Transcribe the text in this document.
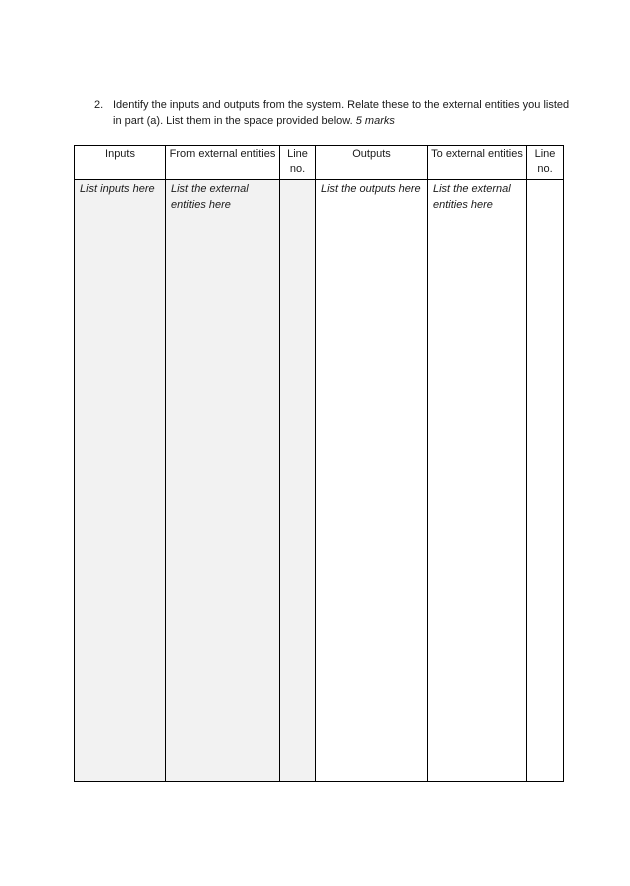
2. Identify the inputs and outputs from the system. Relate these to the external entities you listed in part (a). List them in the space provided below. 5 marks
Inputs	From external entities	Line no.	Outputs	To external entities	Line no.
List inputs here	List the external entities here		List the outputs here	List the external entities here	
